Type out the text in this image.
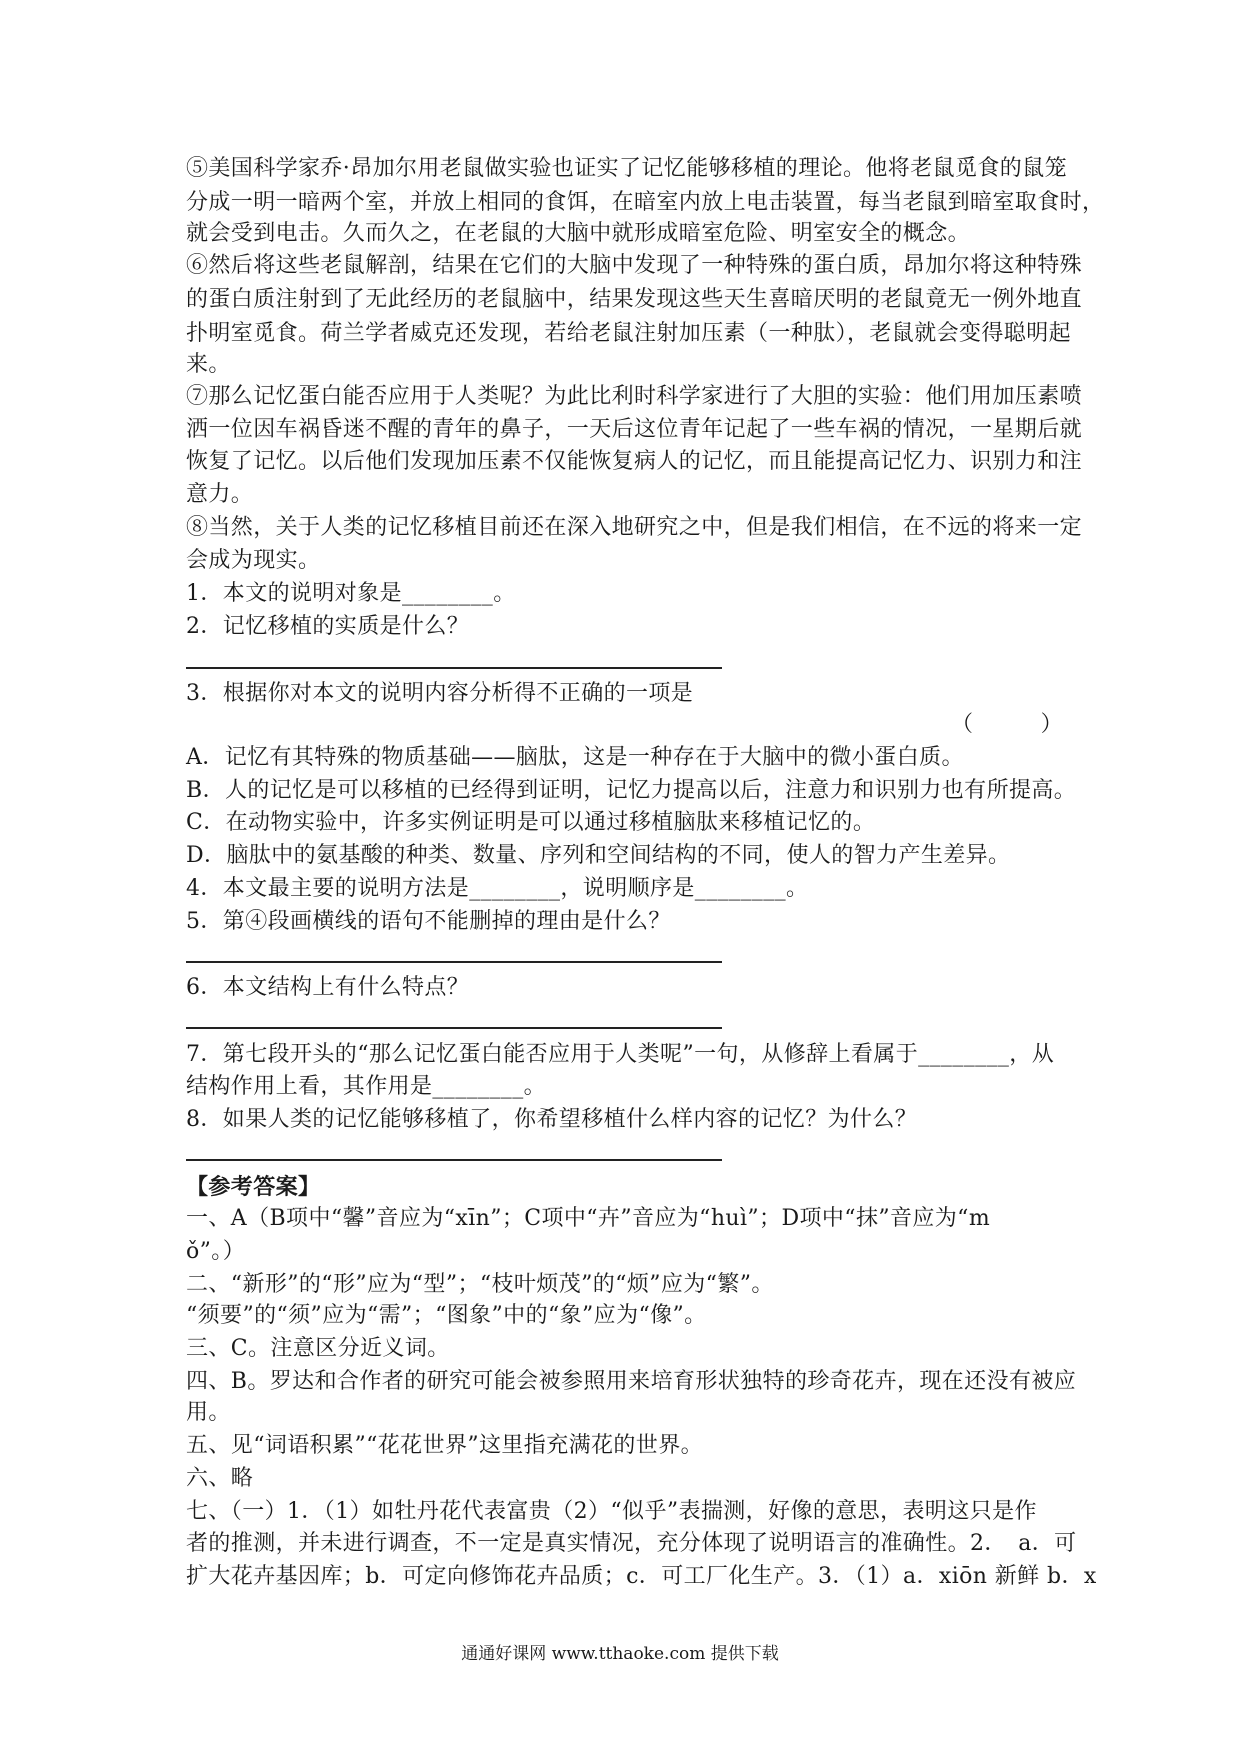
⑤美国科学家乔·昂加尔用老鼠做实验也证实了记忆能够移植的理论。他将老鼠觅食的鼠笼
分成一明一暗两个室，并放上相同的食饵，在暗室内放上电击装置，每当老鼠到暗室取食时，
就会受到电击。久而久之，在老鼠的大脑中就形成暗室危险、明室安全的概念。
⑥然后将这些老鼠解剖，结果在它们的大脑中发现了一种特殊的蛋白质，昂加尔将这种特殊
的蛋白质注射到了无此经历的老鼠脑中，结果发现这些天生喜暗厌明的老鼠竟无一例外地直
扑明室觅食。荷兰学者威克还发现，若给老鼠注射加压素（一种肽），老鼠就会变得聪明起
来。
⑦那么记忆蛋白能否应用于人类呢？为此比利时科学家进行了大胆的实验：他们用加压素喷
洒一位因车祸昏迷不醒的青年的鼻子，一天后这位青年记起了一些车祸的情况，一星期后就
恢复了记忆。以后他们发现加压素不仅能恢复病人的记忆，而且能提高记忆力、识别力和注
意力。
⑧当然，关于人类的记忆移植目前还在深入地研究之中，但是我们相信，在不远的将来一定
会成为现实。
1．本文的说明对象是________。
2．记忆移植的实质是什么？
3．根据你对本文的说明内容分析得不正确的一项是
（　　　）
A．记忆有其特殊的物质基础——脑肽，这是一种存在于大脑中的微小蛋白质。
B．人的记忆是可以移植的已经得到证明，记忆力提高以后，注意力和识别力也有所提高。
C．在动物实验中，许多实例证明是可以通过移植脑肽来移植记忆的。
D．脑肽中的氨基酸的种类、数量、序列和空间结构的不同，使人的智力产生差异。
4．本文最主要的说明方法是________，说明顺序是________。
5．第④段画横线的语句不能删掉的理由是什么？
6．本文结构上有什么特点？
7．第七段开头的“那么记忆蛋白能否应用于人类呢”一句，从修辞上看属于________，从
结构作用上看，其作用是________。
8．如果人类的记忆能够移植了，你希望移植什么样内容的记忆？为什么？
【参考答案】
一、A（B项中“馨”音应为“xīn”；C项中“卉”音应为“huì”；D项中“抹”音应为“m
ǒ”。）
二、“新形”的“形”应为“型”；“枝叶烦茂”的“烦”应为“繁”。
“须要”的“须”应为“需”；“图象”中的“象”应为“像”。
三、C。注意区分近义词。
四、B。罗达和合作者的研究可能会被参照用来培育形状独特的珍奇花卉，现在还没有被应
用。
五、见“词语积累”“花花世界”这里指充满花的世界。
六、略
七、（一）1．（1）如牡丹花代表富贵（2）“似乎”表揣测，好像的意思，表明这只是作
者的推测，并未进行调查，不一定是真实情况，充分体现了说明语言的准确性。2．　a．可
扩大花卉基因库；b．可定向修饰花卉品质；c．可工厂化生产。3．（1）a．xiōn 新鲜 b．x
通通好课网 www.tthaoke.com 提供下载
